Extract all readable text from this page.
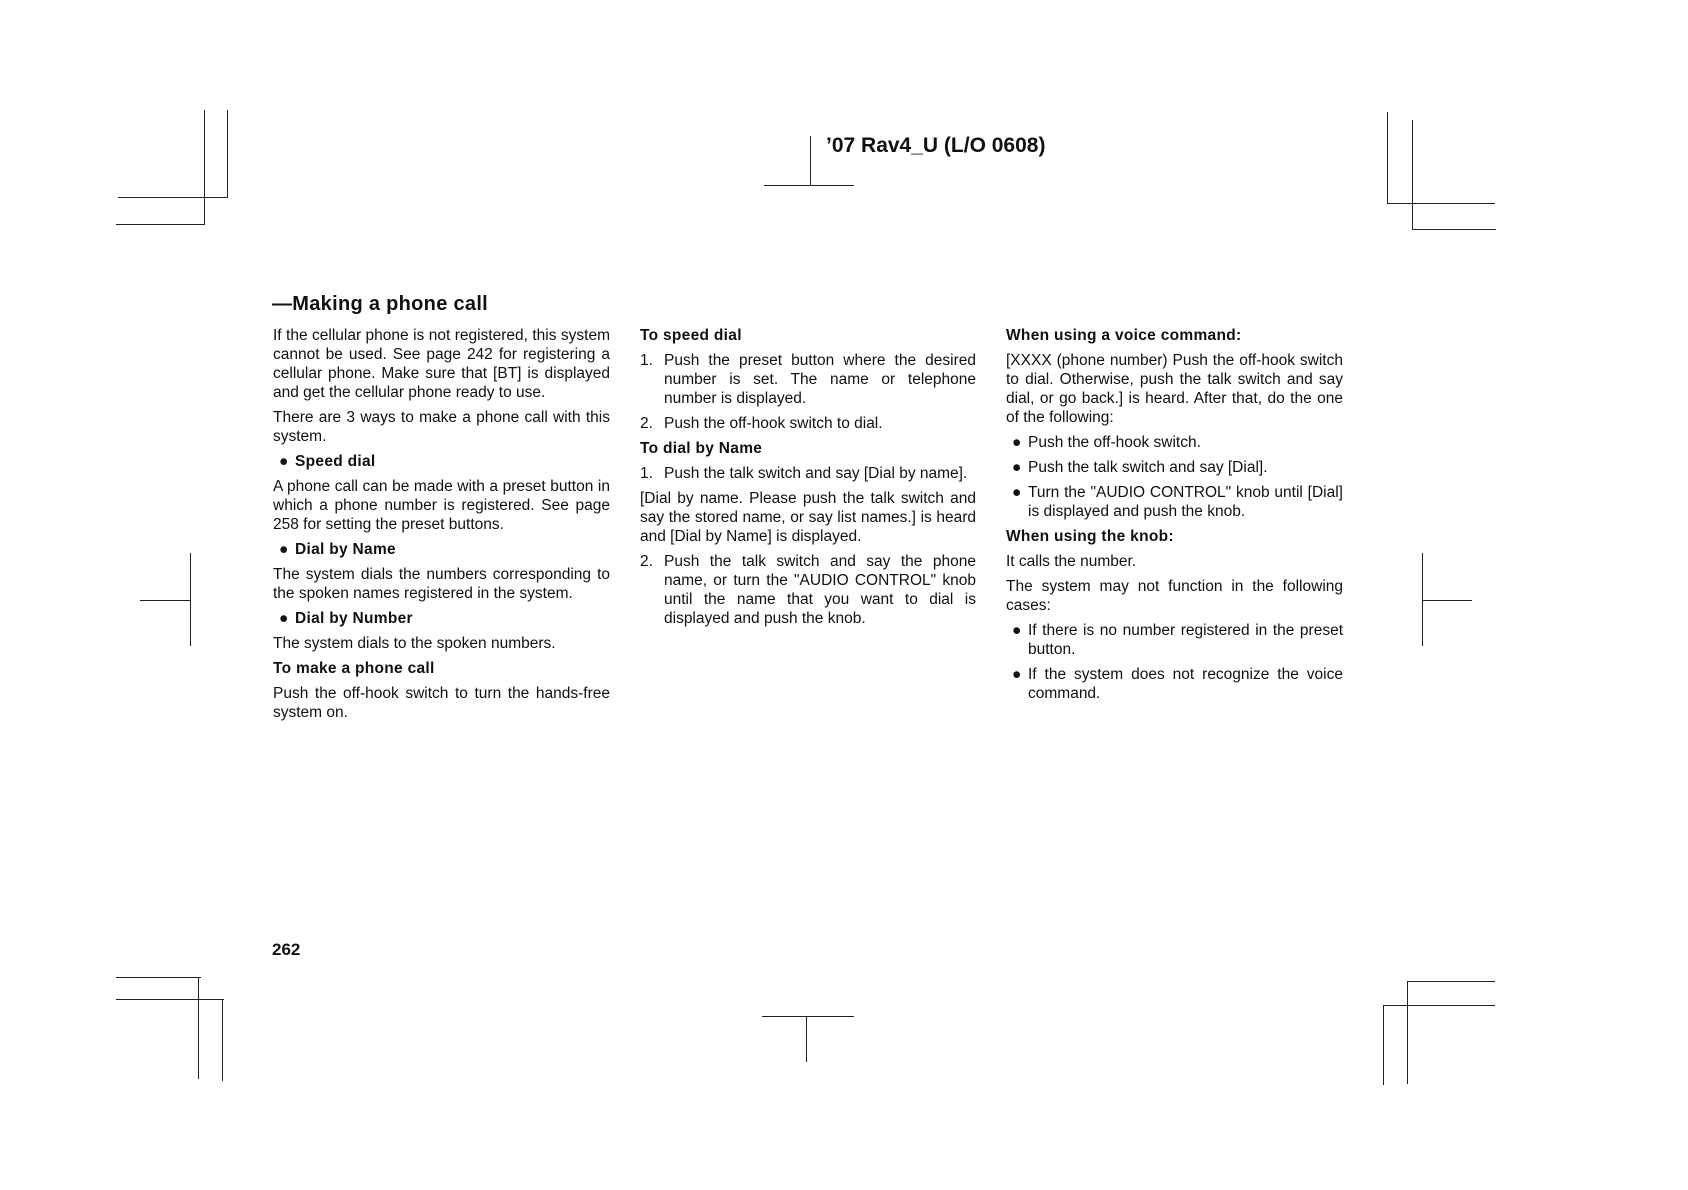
’07 Rav4_U (L/O 0608)
—Making a phone call

If the cellular phone is not registered, this system cannot be used. See page 242 for registering a cellular phone. Make sure that [BT] is displayed and get the cellular phone ready to use.

There are 3 ways to make a phone call with this system.

● Speed dial

A phone call can be made with a preset button in which a phone number is registered. See page 258 for setting the preset buttons.

● Dial by Name

The system dials the numbers corresponding to the spoken names registered in the system.

● Dial by Number

The system dials to the spoken numbers.

To make a phone call

Push the off-hook switch to turn the hands-free system on.

To speed dial
1. Push the preset button where the desired number is set. The name or telephone number is displayed.
2. Push the off-hook switch to dial.
To dial by Name
1. Push the talk switch and say [Dial by name].

[Dial by name. Please push the talk switch and say the stored name, or say list names.] is heard and [Dial by Name] is displayed.

2. Push the talk switch and say the phone name, or turn the "AUDIO CONTROL" knob until the name that you want to dial is displayed and push the knob.
When using a voice command:

[XXXX (phone number) Push the off-hook switch to dial. Otherwise, push the talk switch and say dial, or go back.] is heard. After that, do the one of the following:

● Push the off-hook switch.
● Push the talk switch and say [Dial].
● Turn the "AUDIO CONTROL" knob until [Dial] is displayed and push the knob.
When using the knob:

It calls the number.

The system may not function in the following cases:

● If there is no number registered in the preset button.
● If the system does not recognize the voice command.
262
